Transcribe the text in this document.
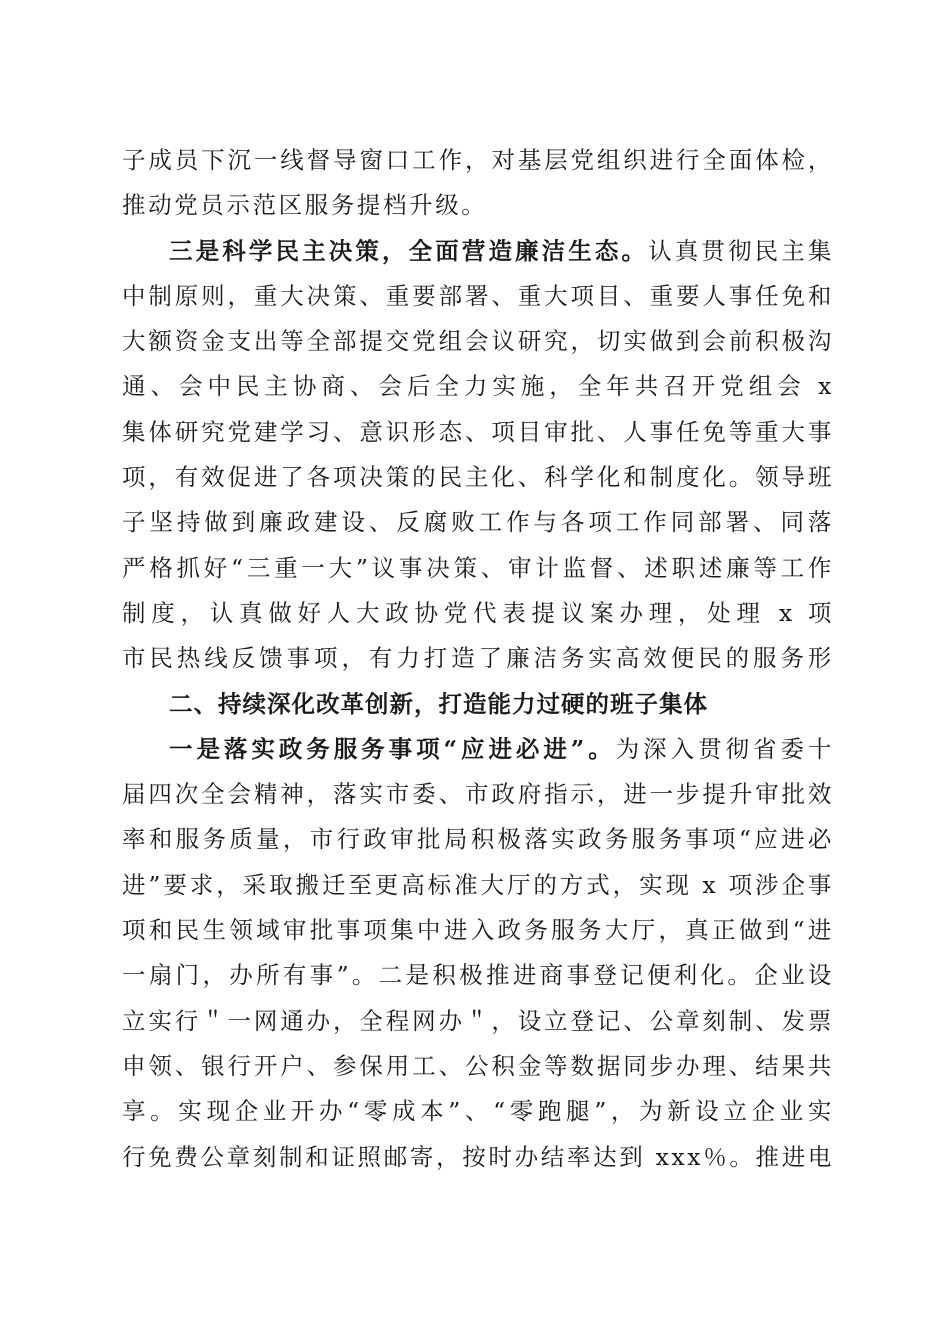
子成员下沉一线督导窗口工作，对基层党组织进行全面体检，
推动党员示范区服务提档升级。
三是科学民主决策，全面营造廉洁生态。认真贯彻民主集
中制原则，重大决策、重要部署、重大项目、重要人事任免和
大额资金支出等全部提交党组会议研究，切实做到会前积极沟
通、会中民主协商、会后全力实施，全年共召开党组会 x
集体研究党建学习、意识形态、项目审批、人事任免等重大事
项，有效促进了各项决策的民主化、科学化和制度化。领导班
子坚持做到廉政建设、反腐败工作与各项工作同部署、同落
严格抓好“三重一大”议事决策、审计监督、述职述廉等工作
制度，认真做好人大政协党代表提议案办理，处理 x 项
市民热线反馈事项，有力打造了廉洁务实高效便民的服务形
二、持续深化改革创新，打造能力过硬的班子集体
一是落实政务服务事项“应进必进”。为深入贯彻省委十
届四次全会精神，落实市委、市政府指示，进一步提升审批效
率和服务质量，市行政审批局积极落实政务服务事项“应进必
进”要求，采取搬迁至更高标准大厅的方式，实现 x 项涉企事
项和民生领域审批事项集中进入政务服务大厅，真正做到“进
一扇门，办所有事”。二是积极推进商事登记便利化。企业设
立实行＂一网通办，全程网办＂，设立登记、公章刻制、发票
申领、银行开户、参保用工、公积金等数据同步办理、结果共
享。实现企业开办“零成本”、“零跑腿”，为新设立企业实
行免费公章刻制和证照邮寄，按时办结率达到 xxx％。推进电
